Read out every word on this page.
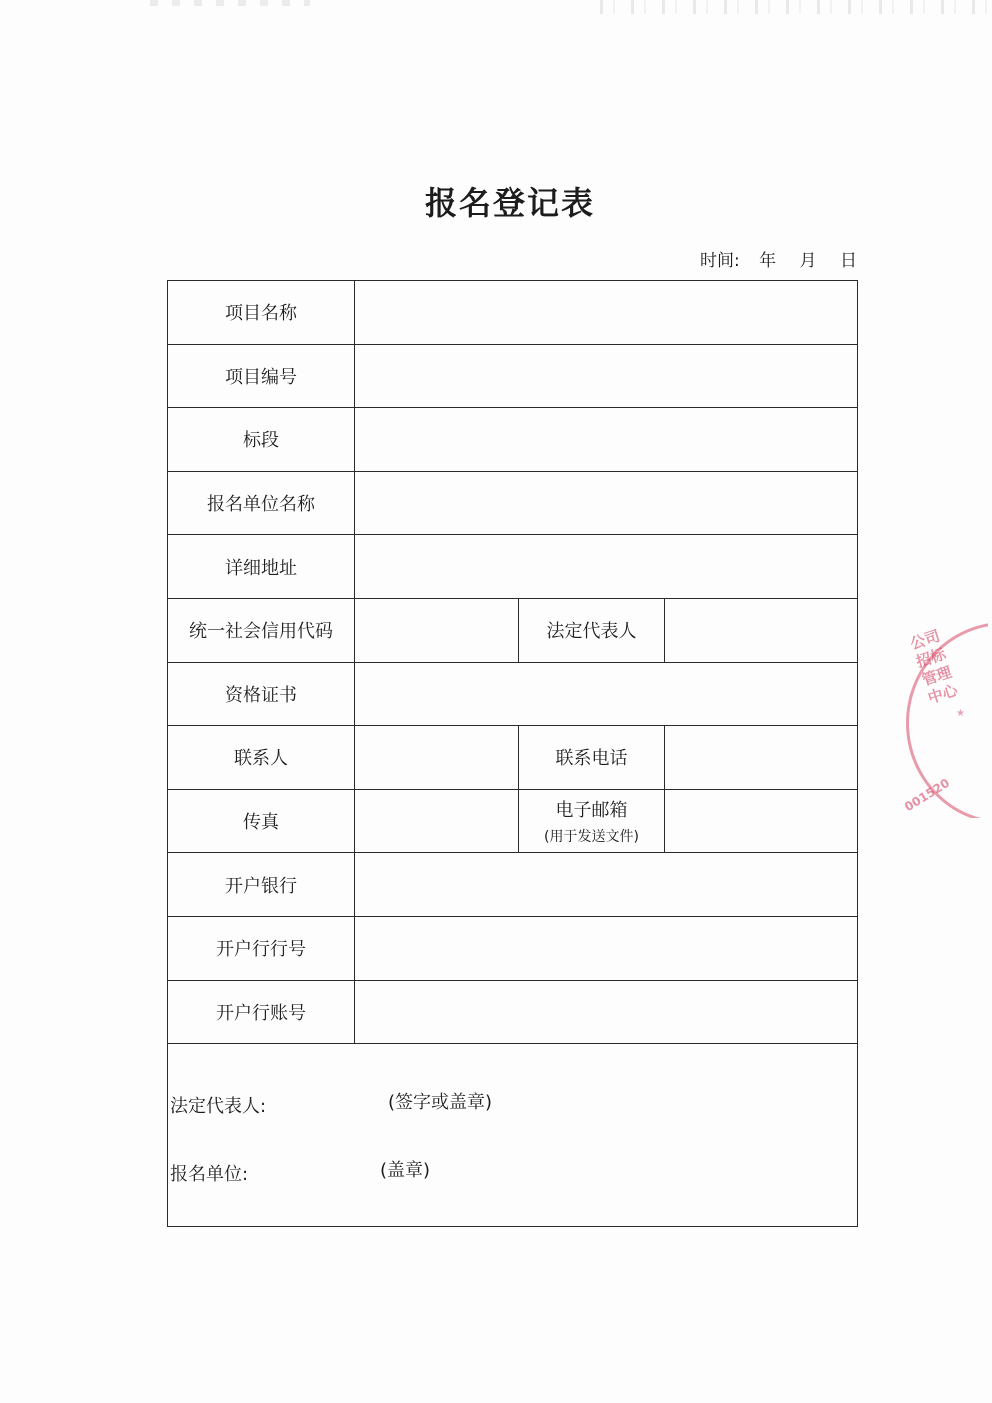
报名登记表
时间: 年 月 日
项目名称			
项目编号			
标段			
报名单位名称			
详细地址			
统一社会信用代码		法定代表人	
资格证书			
联系人		联系电话	
传真		电子邮箱
(用于发送文件)	

开户银行			
开户行行号			
开户行账号			

法定代表人: (签字或盖章)
报名单位: (盖章)			
公司招标管理中心
★
001520
